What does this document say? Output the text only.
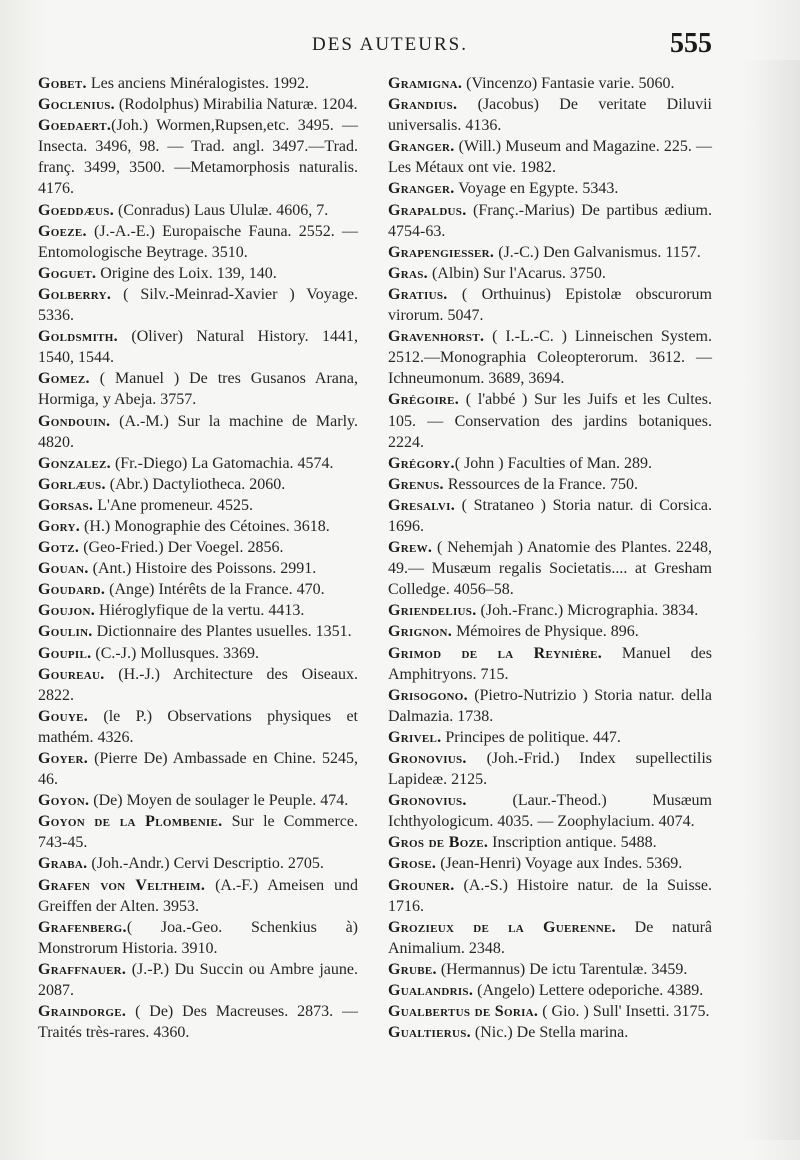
DES AUTEURS.	555

Gobet. Les anciens Minéralogistes. 1992.

Goclenius. (Rodolphus) Mirabilia Naturæ. 1204.

Goedaert.(Joh.) Wormen,Rupsen,etc. 3495. — Insecta. 3496, 98. — Trad. angl. 3497.—Trad. franç. 3499, 3500. —Metamorphosis naturalis. 4176.

Goeddæus. (Conradus) Laus Ululæ. 4606, 7.

Goeze. (J.-A.-E.) Europaische Fauna. 2552. — Entomologische Beytrage. 3510.

Goguet. Origine des Loix. 139, 140.

Golberry. ( Silv.-Meinrad-Xavier ) Voyage. 5336.

Goldsmith. (Oliver) Natural History. 1441, 1540, 1544.

Gomez. ( Manuel ) De tres Gusanos Arana, Hormiga, y Abeja. 3757.

Gondouin. (A.-M.) Sur la machine de Marly. 4820.

Gonzalez. (Fr.-Diego) La Gatomachia. 4574.

Gorlæus. (Abr.) Dactyliotheca. 2060.

Gorsas. L'Ane promeneur. 4525.

Gory. (H.) Monographie des Cétoines. 3618.

Gotz. (Geo-Fried.) Der Voegel. 2856.

Gouan. (Ant.) Histoire des Poissons. 2991.

Goudard. (Ange) Intérêts de la France. 470.

Goujon. Hiéroglyfique de la vertu. 4413.

Goulin. Dictionnaire des Plantes usuelles. 1351.

Goupil. (C.-J.) Mollusques. 3369.

Goureau. (H.-J.) Architecture des Oiseaux. 2822.

Gouye. (le P.) Observations physiques et mathém. 4326.

Goyer. (Pierre De) Ambassade en Chine. 5245, 46.

Goyon. (De) Moyen de soulager le Peuple. 474.

Goyon de la Plombenie. Sur le Commerce. 743-45.

Graba. (Joh.-Andr.) Cervi Descriptio. 2705.

Grafen von Veltheim. (A.-F.) Ameisen und Greiffen der Alten. 3953.

Grafenberg.( Joa.-Geo. Schenkius à) Monstrorum Historia. 3910.

Graffnauer. (J.-P.) Du Succin ou Ambre jaune. 2087.

Graindorge. ( De) Des Macreuses. 2873. — Traités très-rares. 4360.

Gramigna. (Vincenzo) Fantasie varie. 5060.

Grandius. (Jacobus) De veritate Diluvii universalis. 4136.

Granger. (Will.) Museum and Magazine. 225. — Les Métaux ont vie. 1982.

Granger. Voyage en Egypte. 5343.

Grapaldus. (Franç.-Marius) De partibus ædium. 4754-63.

Grapengiesser. (J.-C.) Den Galvanismus. 1157.

Gras. (Albin) Sur l'Acarus. 3750.

Gratius. ( Orthuinus) Epistolæ obscurorum virorum. 5047.

Gravenhorst. ( I.-L.-C. ) Linneischen System. 2512.—Monographia Coleopterorum. 3612. — Ichneumonum. 3689, 3694.

Grégoire. ( l'abbé ) Sur les Juifs et les Cultes. 105. — Conservation des jardins botaniques. 2224.

Grégory.( John ) Faculties of Man. 289.

Grenus. Ressources de la France. 750.

Gresalvi. ( Strataneo ) Storia natur. di Corsica. 1696.

Grew. ( Nehemjah ) Anatomie des Plantes. 2248, 49.— Musæum regalis Societatis.... at Gresham Colledge. 4056–58.

Griendelius. (Joh.-Franc.) Micrographia. 3834.

Grignon. Mémoires de Physique. 896.

Grimod de la Reynière. Manuel des Amphitryons. 715.

Grisogono. (Pietro-Nutrizio ) Storia natur. della Dalmazia. 1738.

Grivel. Principes de politique. 447.

Gronovius. (Joh.-Frid.) Index supellectilis Lapideæ. 2125.

Gronovius. (Laur.-Theod.) Musæum Ichthyologicum. 4035. — Zoophylacium. 4074.

Gros de Boze. Inscription antique. 5488.

Grose. (Jean-Henri) Voyage aux Indes. 5369.

Grouner. (A.-S.) Histoire natur. de la Suisse. 1716.

Grozieux de la Guerenne. De naturâ Animalium. 2348.

Grube. (Hermannus) De ictu Tarentulæ. 3459.

Gualandris. (Angelo) Lettere odeporiche. 4389.

Gualbertus de Soria. ( Gio. ) Sull' Insetti. 3175.

Gualtierus. (Nic.) De Stella marina.
